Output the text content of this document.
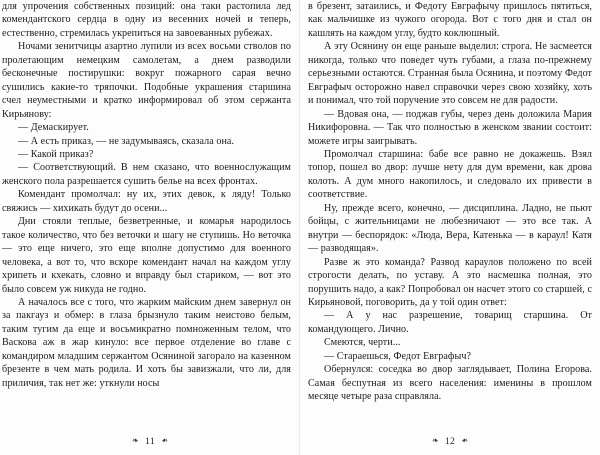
для упрочения собственных позиций: она таки растопила лед комендантского сердца в одну из весенних ночей и теперь, естественно, стремилась укрепиться на завоеванных рубежах.

Ночами зенитчицы азартно лупили из всех восьми стволов по пролетающим немецким самолетам, а днем разводили бесконечные постирушки: вокруг пожарного сарая вечно сушились какие-то тряпочки. Подобные украшения старшина счел неуместными и кратко информировал об этом сержанта Кирьянову:

— Демаскирует.

— А есть приказ, — не задумываясь, сказала она.

— Какой приказ?

— Соответствующий. В нем сказано, что военнослужащим женского пола разрешается сушить белье на всех фронтах.

Комендант промолчал: ну их, этих девок, к ляду! Только свяжись — хихикать будут до осени...

Дни стояли теплые, безветренные, и комарья народилось такое количество, что без веточки и шагу не ступишь. Но веточка — это еще ничего, это еще вполне допустимо для военного человека, а вот то, что вскоре комендант начал на каждом углу хрипеть и кхекать, словно и вправду был стариком, — вот это было совсем уж никуда не годно.

А началось все с того, что жарким майским днем завернул он за пакгауз и обмер: в глаза брызнуло таким неистово белым, таким тугим да еще и восьмикратно помноженным телом, что Васкова аж в жар кинуло: все первое отделение во главе с командиром младшим сержантом Осяниной загорало на казенном брезенте в чем мать родила. И хоть бы завизжали, что ли, для приличия, так нет же: уткнули носы

❧ 11 ❧

в брезент, затаились, и Федоту Евграфычу пришлось пятиться, как мальчишке из чужого огорода. Вот с того дня и стал он кашлять на каждом углу, будто коклюшный.

А эту Осянину он еще раньше выделил: строга. Не засмеется никогда, только что поведет чуть губами, а глаза по-прежнему серьезными остаются. Странная была Осянина, и поэтому Федот Евграфыч осторожно навел справочки через свою хозяйку, хоть и понимал, что той поручение это совсем не для радости.

— Вдовая она, — поджав губы, через день доложила Мария Никифоровна. — Так что полностью в женском звании состоит: можете игры заигрывать.

Промолчал старшина: бабе все равно не докажешь. Взял топор, пошел во двор: лучше нету для дум времени, как дрова колоть. А дум много накопилось, и следовало их привести в соответствие.

Ну, прежде всего, конечно, — дисциплина. Ладно, не пьют бойцы, с жительницами не любезничают — это все так. А внутри — беспорядок: «Люда, Вера, Катенька — в караул! Катя — разводящая».

Разве ж это команда? Развод караулов положено по всей строгости делать, по уставу. А это насмешка полная, это порушить надо, а как? Попробовал он насчет этого со старшей, с Кирьяновой, поговорить, да у той один ответ:

— А у нас разрешение, товарищ старшина. От командующего. Лично.

Смеются, черти...

— Стараешься, Федот Евграфыч?

Обернулся: соседка во двор заглядывает, Полина Егорова. Самая беспутная из всего населения: именины в прошлом месяце четыре раза справляла.

❧ 12 ❧
